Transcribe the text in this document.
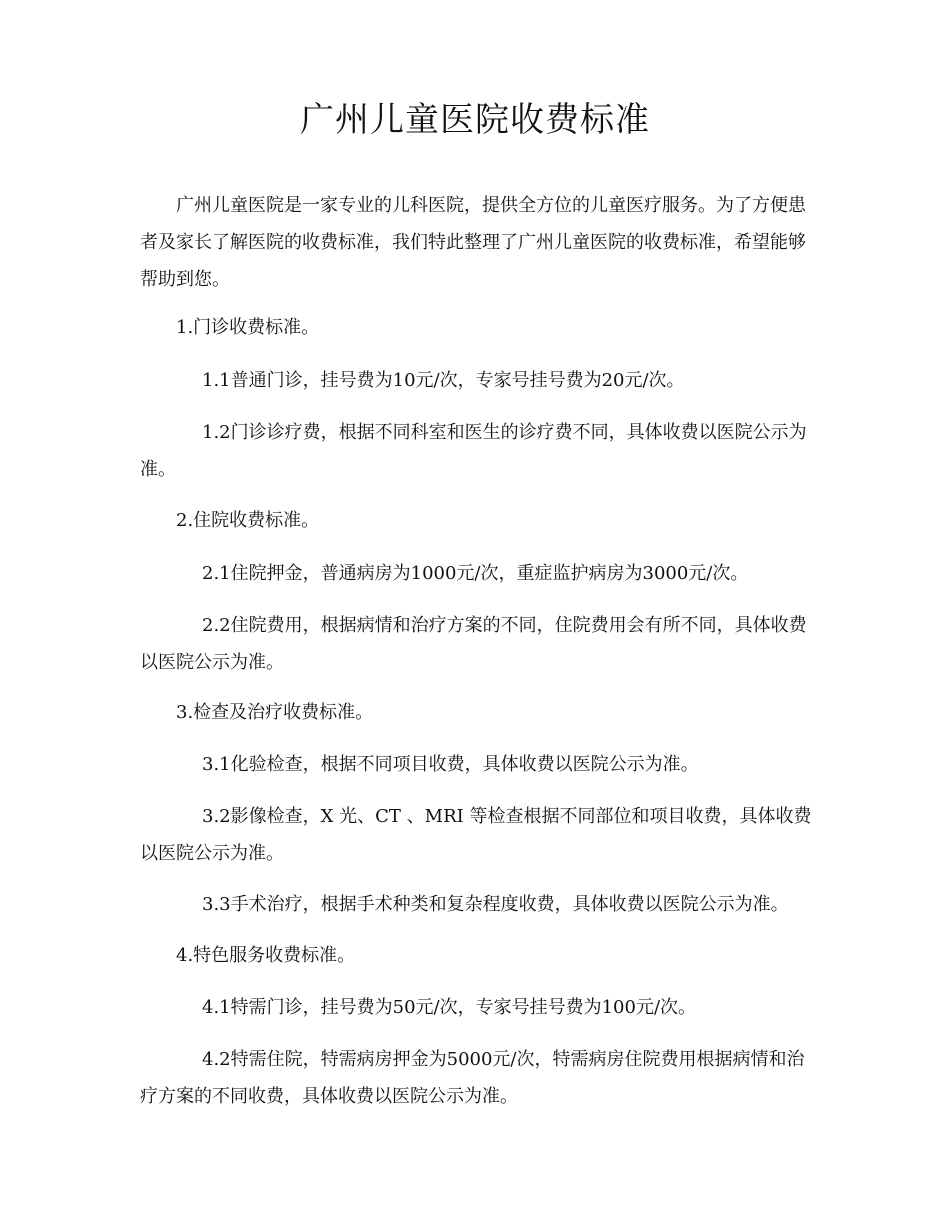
广州儿童医院收费标准
广州儿童医院是一家专业的儿科医院，提供全方位的儿童医疗服务。为了方便患者及家长了解医院的收费标准，我们特此整理了广州儿童医院的收费标准，希望能够帮助到您。
1.门诊收费标准。
1.1普通门诊，挂号费为10元/次，专家号挂号费为20元/次。
1.2门诊诊疗费，根据不同科室和医生的诊疗费不同，具体收费以医院公示为准。
2.住院收费标准。
2.1住院押金，普通病房为1000元/次，重症监护病房为3000元/次。
2.2住院费用，根据病情和治疗方案的不同，住院费用会有所不同，具体收费以医院公示为准。
3.检查及治疗收费标准。
3.1化验检查，根据不同项目收费，具体收费以医院公示为准。
3.2影像检查，X 光、CT 、MRI 等检查根据不同部位和项目收费，具体收费以医院公示为准。
3.3手术治疗，根据手术种类和复杂程度收费，具体收费以医院公示为准。
4.特色服务收费标准。
4.1特需门诊，挂号费为50元/次，专家号挂号费为100元/次。
4.2特需住院，特需病房押金为5000元/次，特需病房住院费用根据病情和治疗方案的不同收费，具体收费以医院公示为准。
